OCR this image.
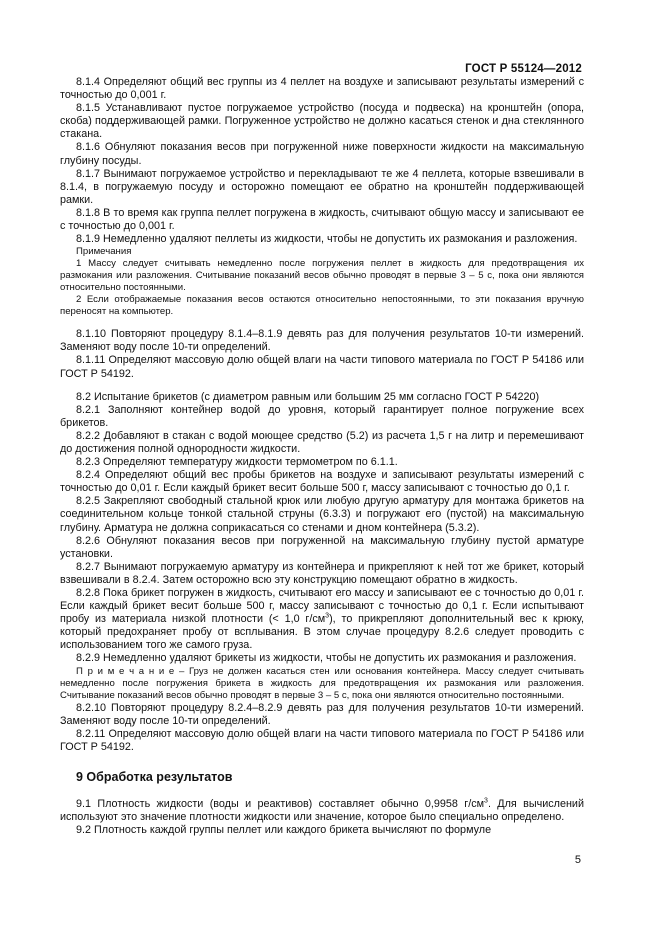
ГОСТ Р 55124—2012

8.1.4 Определяют общий вес группы из 4 пеллет на воздухе и записывают результаты измерений с точностью до 0,001 г.

8.1.5 Устанавливают пустое погружаемое устройство (посуда и подвеска) на кронштейн (опора, скоба) поддерживающей рамки. Погруженное устройство не должно касаться стенок и дна стеклянного стакана.

8.1.6 Обнуляют показания весов при погруженной ниже поверхности жидкости на максимальную глубину посуды.

8.1.7 Вынимают погружаемое устройство и перекладывают те же 4 пеллета, которые взвешивали в 8.1.4, в погружаемую посуду и осторожно помещают ее обратно на кронштейн поддерживающей рамки.

8.1.8 В то время как группа пеллет погружена в жидкость, считывают общую массу и записывают ее с точностью до 0,001 г.

8.1.9 Немедленно удаляют пеллеты из жидкости, чтобы не допустить их размокания и разложения.

Примечания

1 Массу следует считывать немедленно после погружения пеллет в жидкость для предотвращения их размокания или разложения. Считывание показаний весов обычно проводят в первые 3 – 5 с, пока они являются относительно постоянными.

2 Если отображаемые показания весов остаются относительно непостоянными, то эти показания вручную переносят на компьютер.

8.1.10 Повторяют процедуру 8.1.4–8.1.9 девять раз для получения результатов 10-ти измерений. Заменяют воду после 10-ти определений.

8.1.11 Определяют массовую долю общей влаги на части типового материала по ГОСТ Р 54186 или ГОСТ Р 54192.

8.2 Испытание брикетов (с диаметром равным или большим 25 мм согласно ГОСТ Р 54220)

8.2.1 Заполняют контейнер водой до уровня, который гарантирует полное погружение всех брикетов.

8.2.2 Добавляют в стакан с водой моющее средство (5.2) из расчета 1,5 г на литр и перемешивают до достижения полной однородности жидкости.

8.2.3 Определяют температуру жидкости термометром по 6.1.1.

8.2.4 Определяют общий вес пробы брикетов на воздухе и записывают результаты измерений с точностью до 0,01 г. Если каждый брикет весит больше 500 г, массу записывают с точностью до 0,1 г.

8.2.5 Закрепляют свободный стальной крюк или любую другую арматуру для монтажа брикетов на соединительном кольце тонкой стальной струны (6.3.3) и погружают его (пустой) на максимальную глубину. Арматура не должна соприкасаться со стенами и дном контейнера (5.3.2).

8.2.6 Обнуляют показания весов при погруженной на максимальную глубину пустой арматуре установки.

8.2.7 Вынимают погружаемую арматуру из контейнера и прикрепляют к ней тот же брикет, который взвешивали в 8.2.4. Затем осторожно всю эту конструкцию помещают обратно в жидкость.

8.2.8 Пока брикет погружен в жидкость, считывают его массу и записывают ее с точностью до 0,01 г. Если каждый брикет весит больше 500 г, массу записывают с точностью до 0,1 г. Если испытывают пробу из материала низкой плотности (< 1,0 $г/см^3$), то прикрепляют дополнительный вес к крюку, который предохраняет пробу от всплывания. В этом случае процедуру 8.2.6 следует проводить с использованием того же самого груза.

8.2.9 Немедленно удаляют брикеты из жидкости, чтобы не допустить их размокания и разложения.

П р и м е ч а н и е – Груз не должен касаться стен или основания контейнера. Массу следует считывать немедленно после погружения брикета в жидкость для предотвращения их размокания или разложения. Считывание показаний весов обычно проводят в первые 3 – 5 с, пока они являются относительно постоянными.

8.2.10 Повторяют процедуру 8.2.4–8.2.9 девять раз для получения результатов 10-ти измерений. Заменяют воду после 10-ти определений.

8.2.11 Определяют массовую долю общей влаги на части типового материала по ГОСТ Р 54186 или ГОСТ Р 54192.

9 Обработка результатов

9.1 Плотность жидкости (воды и реактивов) составляет обычно 0,9958 $г/см^3$. Для вычислений используют это значение плотности жидкости или значение, которое было специально определено.

9.2 Плотность каждой группы пеллет или каждого брикета вычисляют по формуле

5
